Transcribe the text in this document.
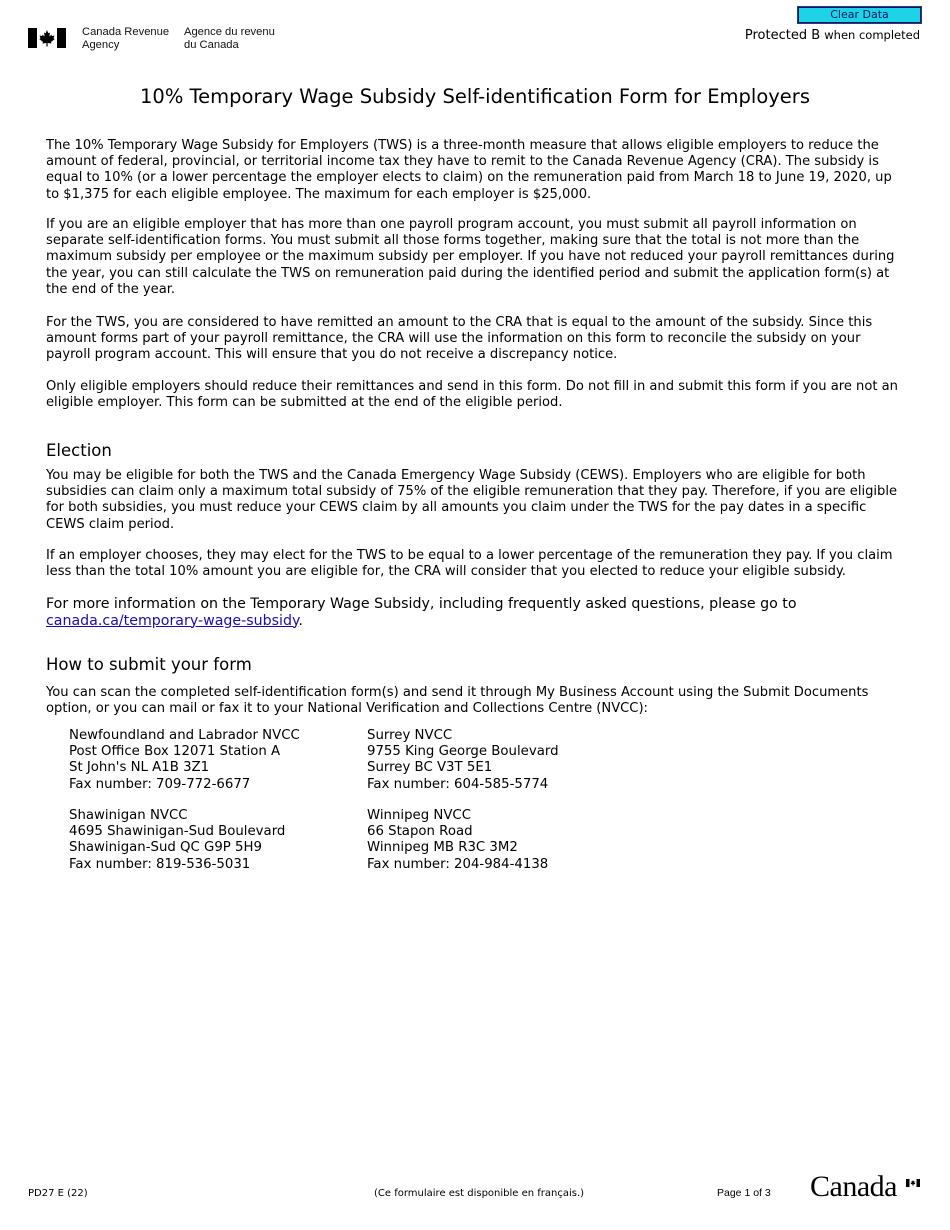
Canada Revenue
Agency
Agence du revenu
du Canada
Clear Data
Protected B when completed
10% Temporary Wage Subsidy Self-identification Form for Employers

The 10% Temporary Wage Subsidy for Employers (TWS) is a three-month measure that allows eligible employers to reduce the amount of federal, provincial, or territorial income tax they have to remit to the Canada Revenue Agency (CRA). The subsidy is equal to 10% (or a lower percentage the employer elects to claim) on the remuneration paid from March 18 to June 19, 2020, up to $1,375 for each eligible employee. The maximum for each employer is $25,000.

If you are an eligible employer that has more than one payroll program account, you must submit all payroll information on separate self-identification forms. You must submit all those forms together, making sure that the total is not more than the maximum subsidy per employee or the maximum subsidy per employer. If you have not reduced your payroll remittances during the year, you can still calculate the TWS on remuneration paid during the identified period and submit the application form(s) at the end of the year.

For the TWS, you are considered to have remitted an amount to the CRA that is equal to the amount of the subsidy. Since this amount forms part of your payroll remittance, the CRA will use the information on this form to reconcile the subsidy on your payroll program account. This will ensure that you do not receive a discrepancy notice.

Only eligible employers should reduce their remittances and send in this form. Do not fill in and submit this form if you are not an eligible employer. This form can be submitted at the end of the eligible period.

Election

You may be eligible for both the TWS and the Canada Emergency Wage Subsidy (CEWS). Employers who are eligible for both subsidies can claim only a maximum total subsidy of 75% of the eligible remuneration that they pay. Therefore, if you are eligible for both subsidies, you must reduce your CEWS claim by all amounts you claim under the TWS for the pay dates in a specific CEWS claim period.

If an employer chooses, they may elect for the TWS to be equal to a lower percentage of the remuneration they pay. If you claim less than the total 10% amount you are eligible for, the CRA will consider that you elected to reduce your eligible subsidy.

For more information on the Temporary Wage Subsidy, including frequently asked questions, please go to canada.ca/temporary-wage-subsidy.

How to submit your form

You can scan the completed self-identification form(s) and send it through My Business Account using the Submit Documents option, or you can mail or fax it to your National Verification and Collections Centre (NVCC):

Newfoundland and Labrador NVCC
Post Office Box 12071 Station A
St John's NL A1B 3Z1
Fax number: 709-772-6677
Surrey NVCC
9755 King George Boulevard
Surrey BC V3T 5E1
Fax number: 604-585-5774
Shawinigan NVCC
4695 Shawinigan-Sud Boulevard
Shawinigan-Sud QC G9P 5H9
Fax number: 819-536-5031
Winnipeg NVCC
66 Stapon Road
Winnipeg MB R3C 3M2
Fax number: 204-984-4138
PD27 E (22)	(Ce formulaire est disponible en français.)	Page 1 of 3 Canada
